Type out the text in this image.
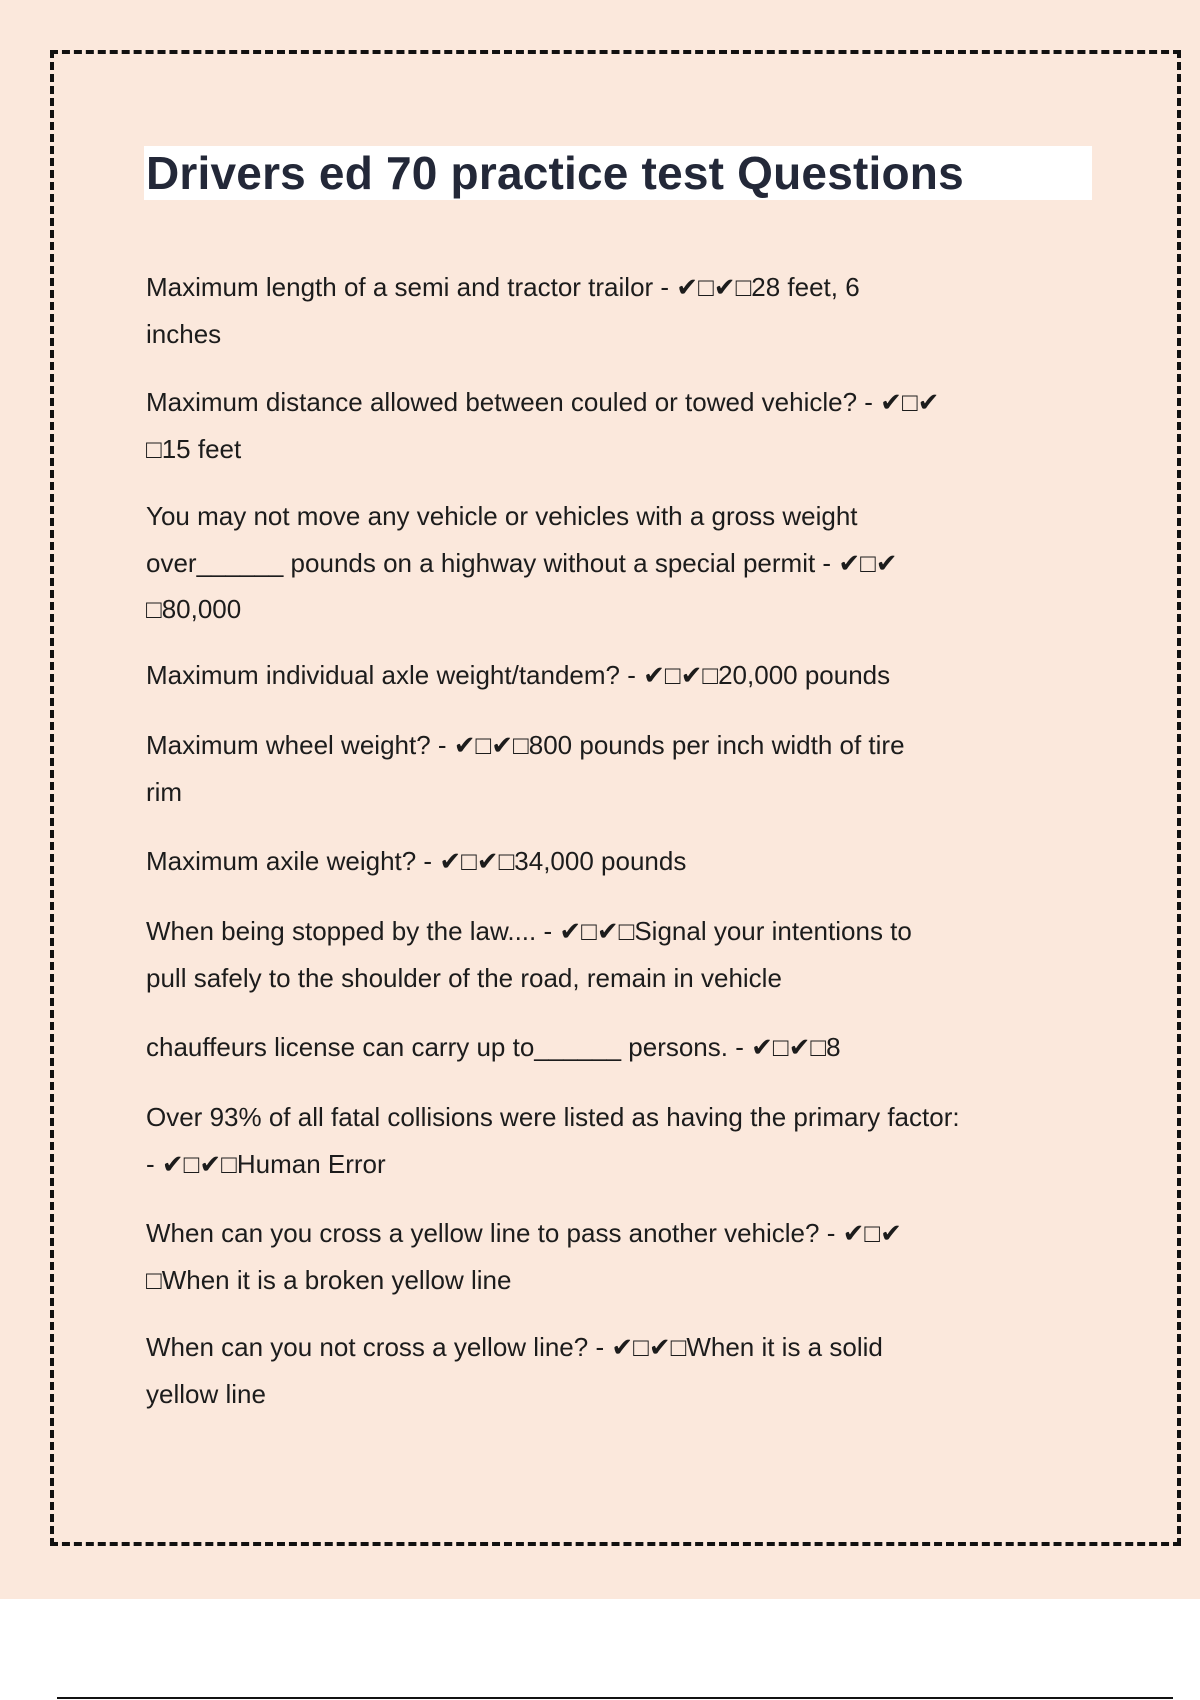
Drivers ed 70 practice test Questions
Maximum length of a semi and tractor trailor - ✔□✔□28 feet, 6
inches
Maximum distance allowed between couled or towed vehicle? - ✔□✔
□15 feet
You may not move any vehicle or vehicles with a gross weight
over______ pounds on a highway without a special permit - ✔□✔
□80,000
Maximum individual axle weight/tandem? - ✔□✔□20,000 pounds
Maximum wheel weight? - ✔□✔□800 pounds per inch width of tire
rim
Maximum axile weight? - ✔□✔□34,000 pounds
When being stopped by the law.... - ✔□✔□Signal your intentions to
pull safely to the shoulder of the road, remain in vehicle
chauffeurs license can carry up to______ persons. - ✔□✔□8
Over 93% of all fatal collisions were listed as having the primary factor:
- ✔□✔□Human Error
When can you cross a yellow line to pass another vehicle? - ✔□✔
□When it is a broken yellow line
When can you not cross a yellow line? - ✔□✔□When it is a solid
yellow line
